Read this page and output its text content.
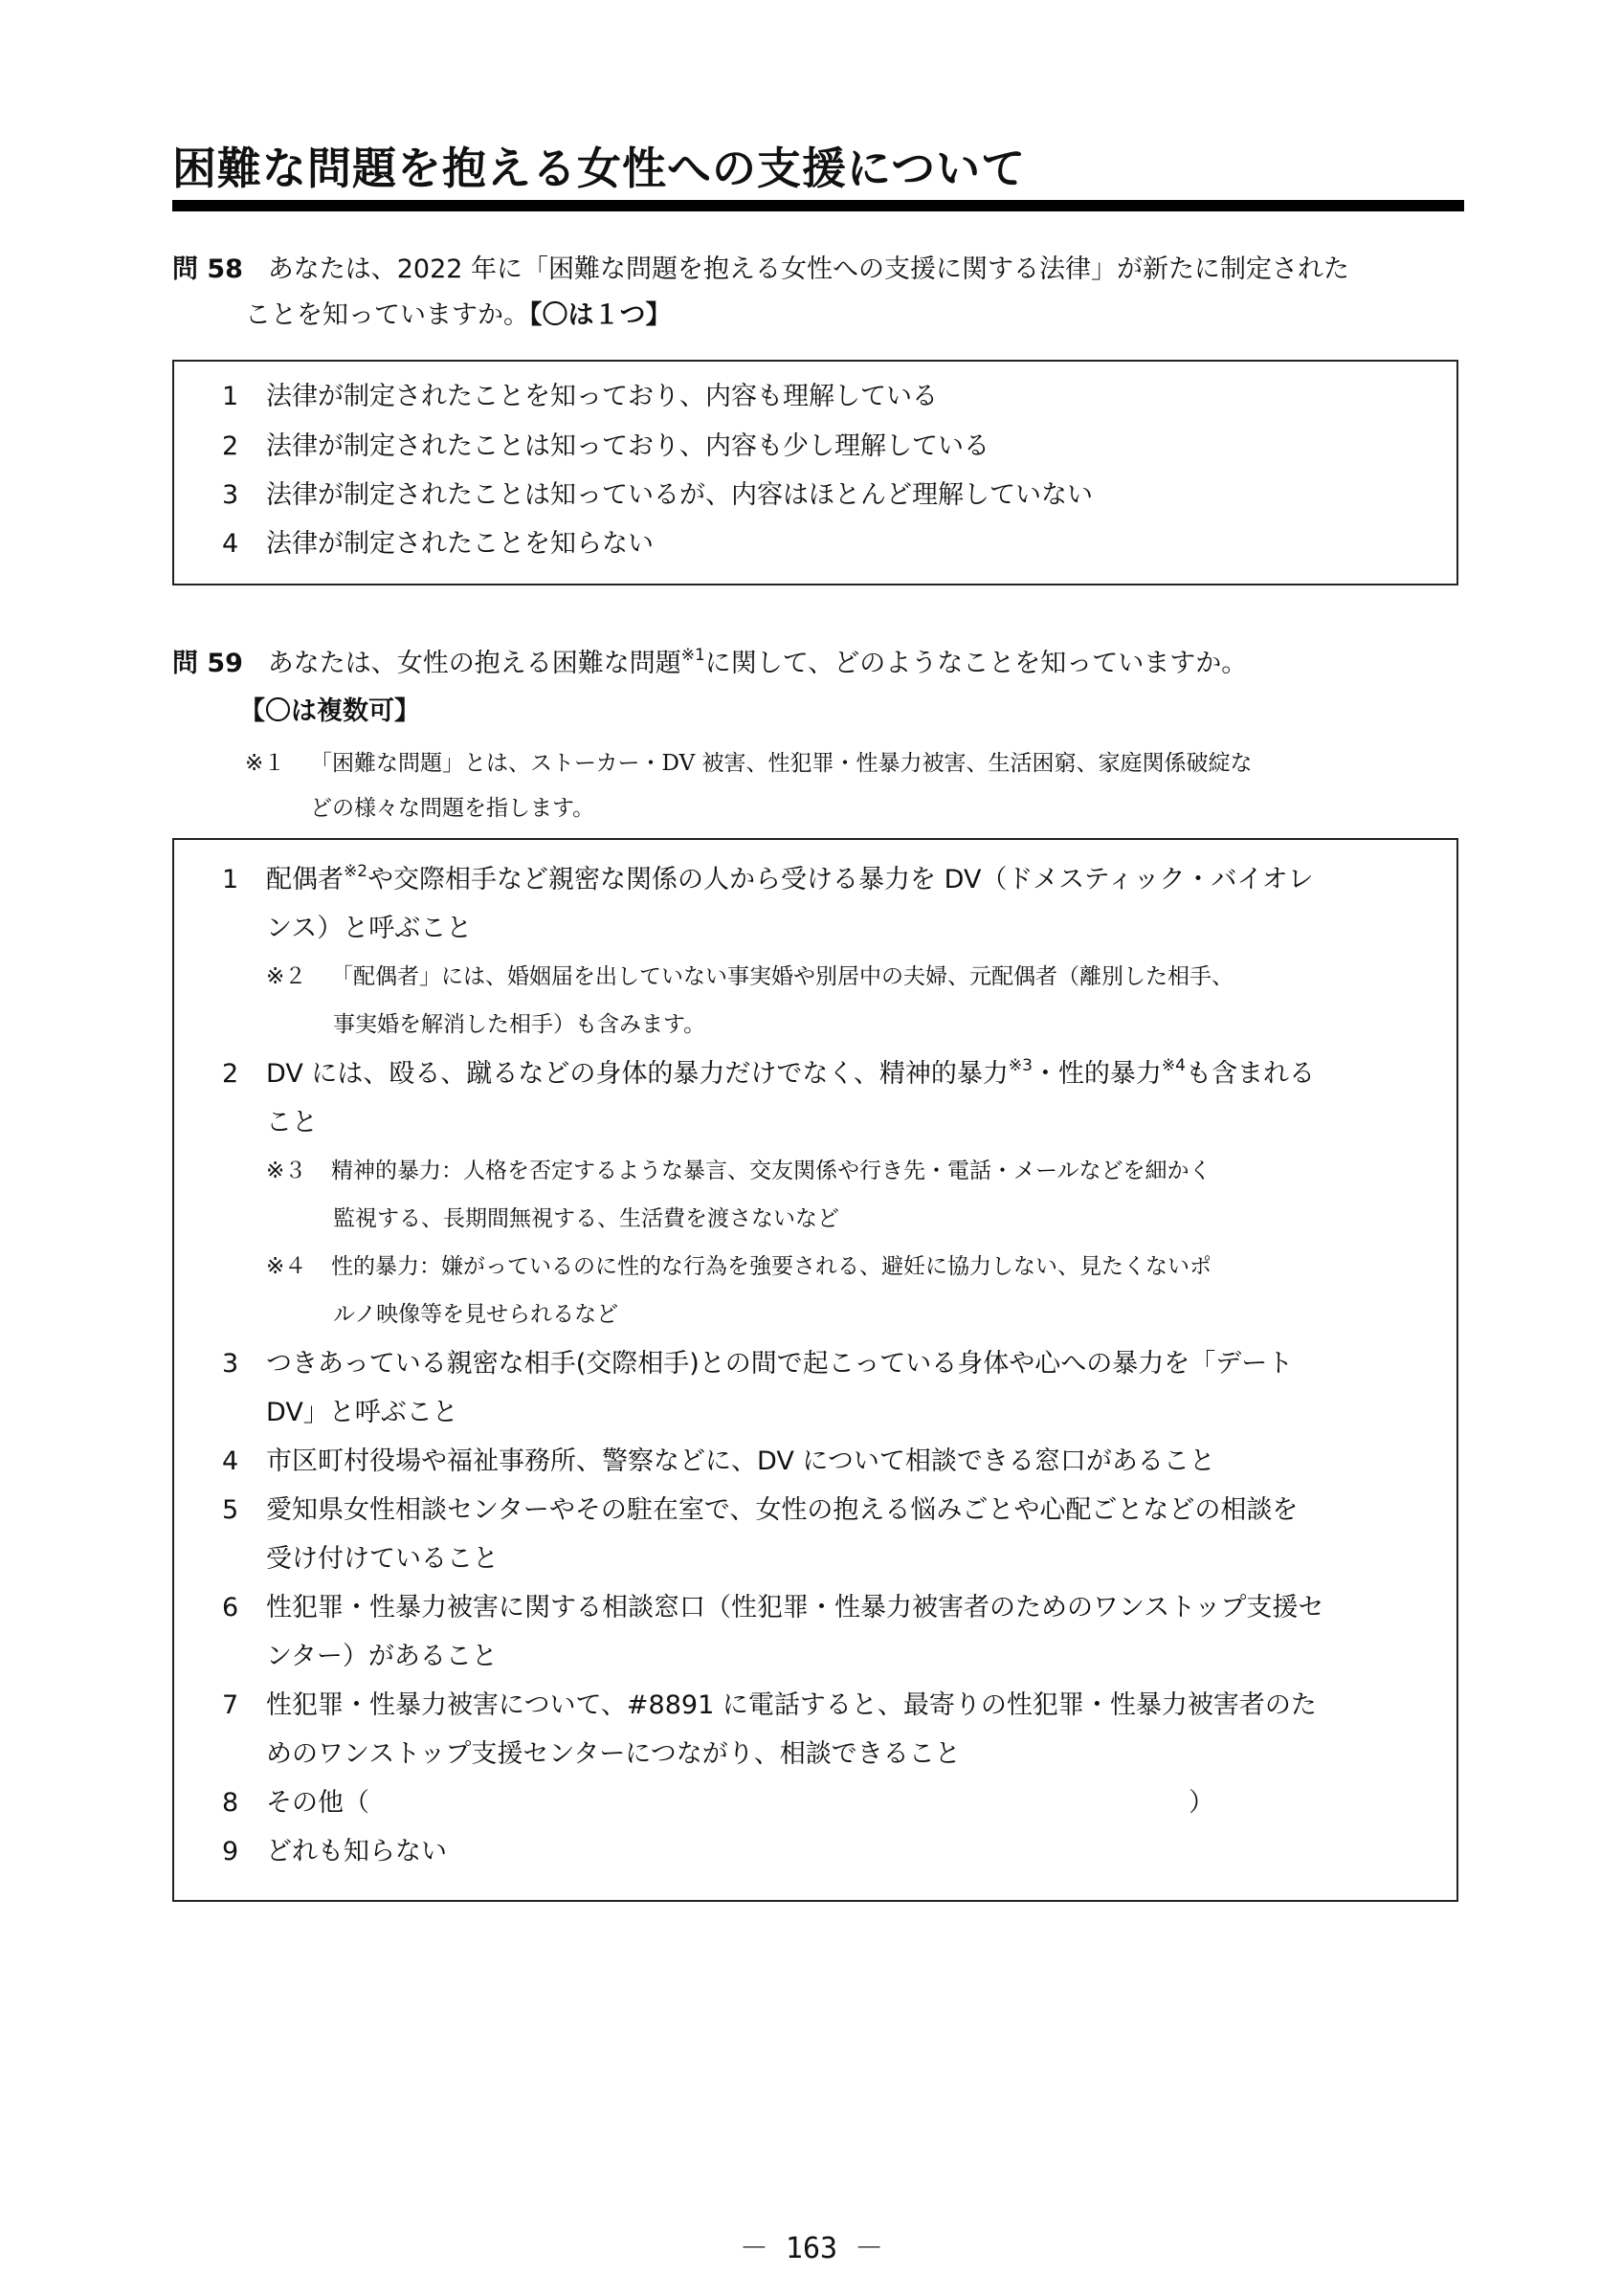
困難な問題を抱える女性への支援について
問 58 あなたは、2022 年に「困難な問題を抱える女性への支援に関する法律」が新たに制定された
ことを知っていますか。【〇は１つ】
1 法律が制定されたことを知っており、内容も理解している
2 法律が制定されたことは知っており、内容も少し理解している
3 法律が制定されたことは知っているが、内容はほとんど理解していない
4 法律が制定されたことを知らない
問 59 あなたは、女性の抱える困難な問題$^{※1}$に関して、どのようなことを知っていますか。
【〇は複数可】
※１ 「困難な問題」とは、ストーカー・DV 被害、性犯罪・性暴力被害、生活困窮、家庭関係破綻な
どの様々な問題を指します。
1 配偶者$^{※2}$や交際相手など親密な関係の人から受ける暴力を DV（ドメスティック・バイオレ
ンス）と呼ぶこと
※２ 「配偶者」には、婚姻届を出していない事実婚や別居中の夫婦、元配偶者（離別した相手、
事実婚を解消した相手）も含みます。
2 DV には、殴る、蹴るなどの身体的暴力だけでなく、精神的暴力$^{※3}$・性的暴力$^{※4}$も含まれる
こと
※３ 精神的暴力：人格を否定するような暴言、交友関係や行き先・電話・メールなどを細かく
監視する、長期間無視する、生活費を渡さないなど
※４ 性的暴力：嫌がっているのに性的な行為を強要される、避妊に協力しない、見たくないポ
ルノ映像等を見せられるなど
3 つきあっている親密な相手(交際相手)との間で起こっている身体や心への暴力を「デート
DV」と呼ぶこと
4 市区町村役場や福祉事務所、警察などに、DV について相談できる窓口があること
5 愛知県女性相談センターやその駐在室で、女性の抱える悩みごとや心配ごとなどの相談を
受け付けていること
6 性犯罪・性暴力被害に関する相談窓口（性犯罪・性暴力被害者のためのワンストップ支援セ
ンター）があること
7 性犯罪・性暴力被害について、#8891 に電話すると、最寄りの性犯罪・性暴力被害者のた
めのワンストップ支援センターにつながり、相談できること
8 その他（	）
9 どれも知らない
－ 163 －
